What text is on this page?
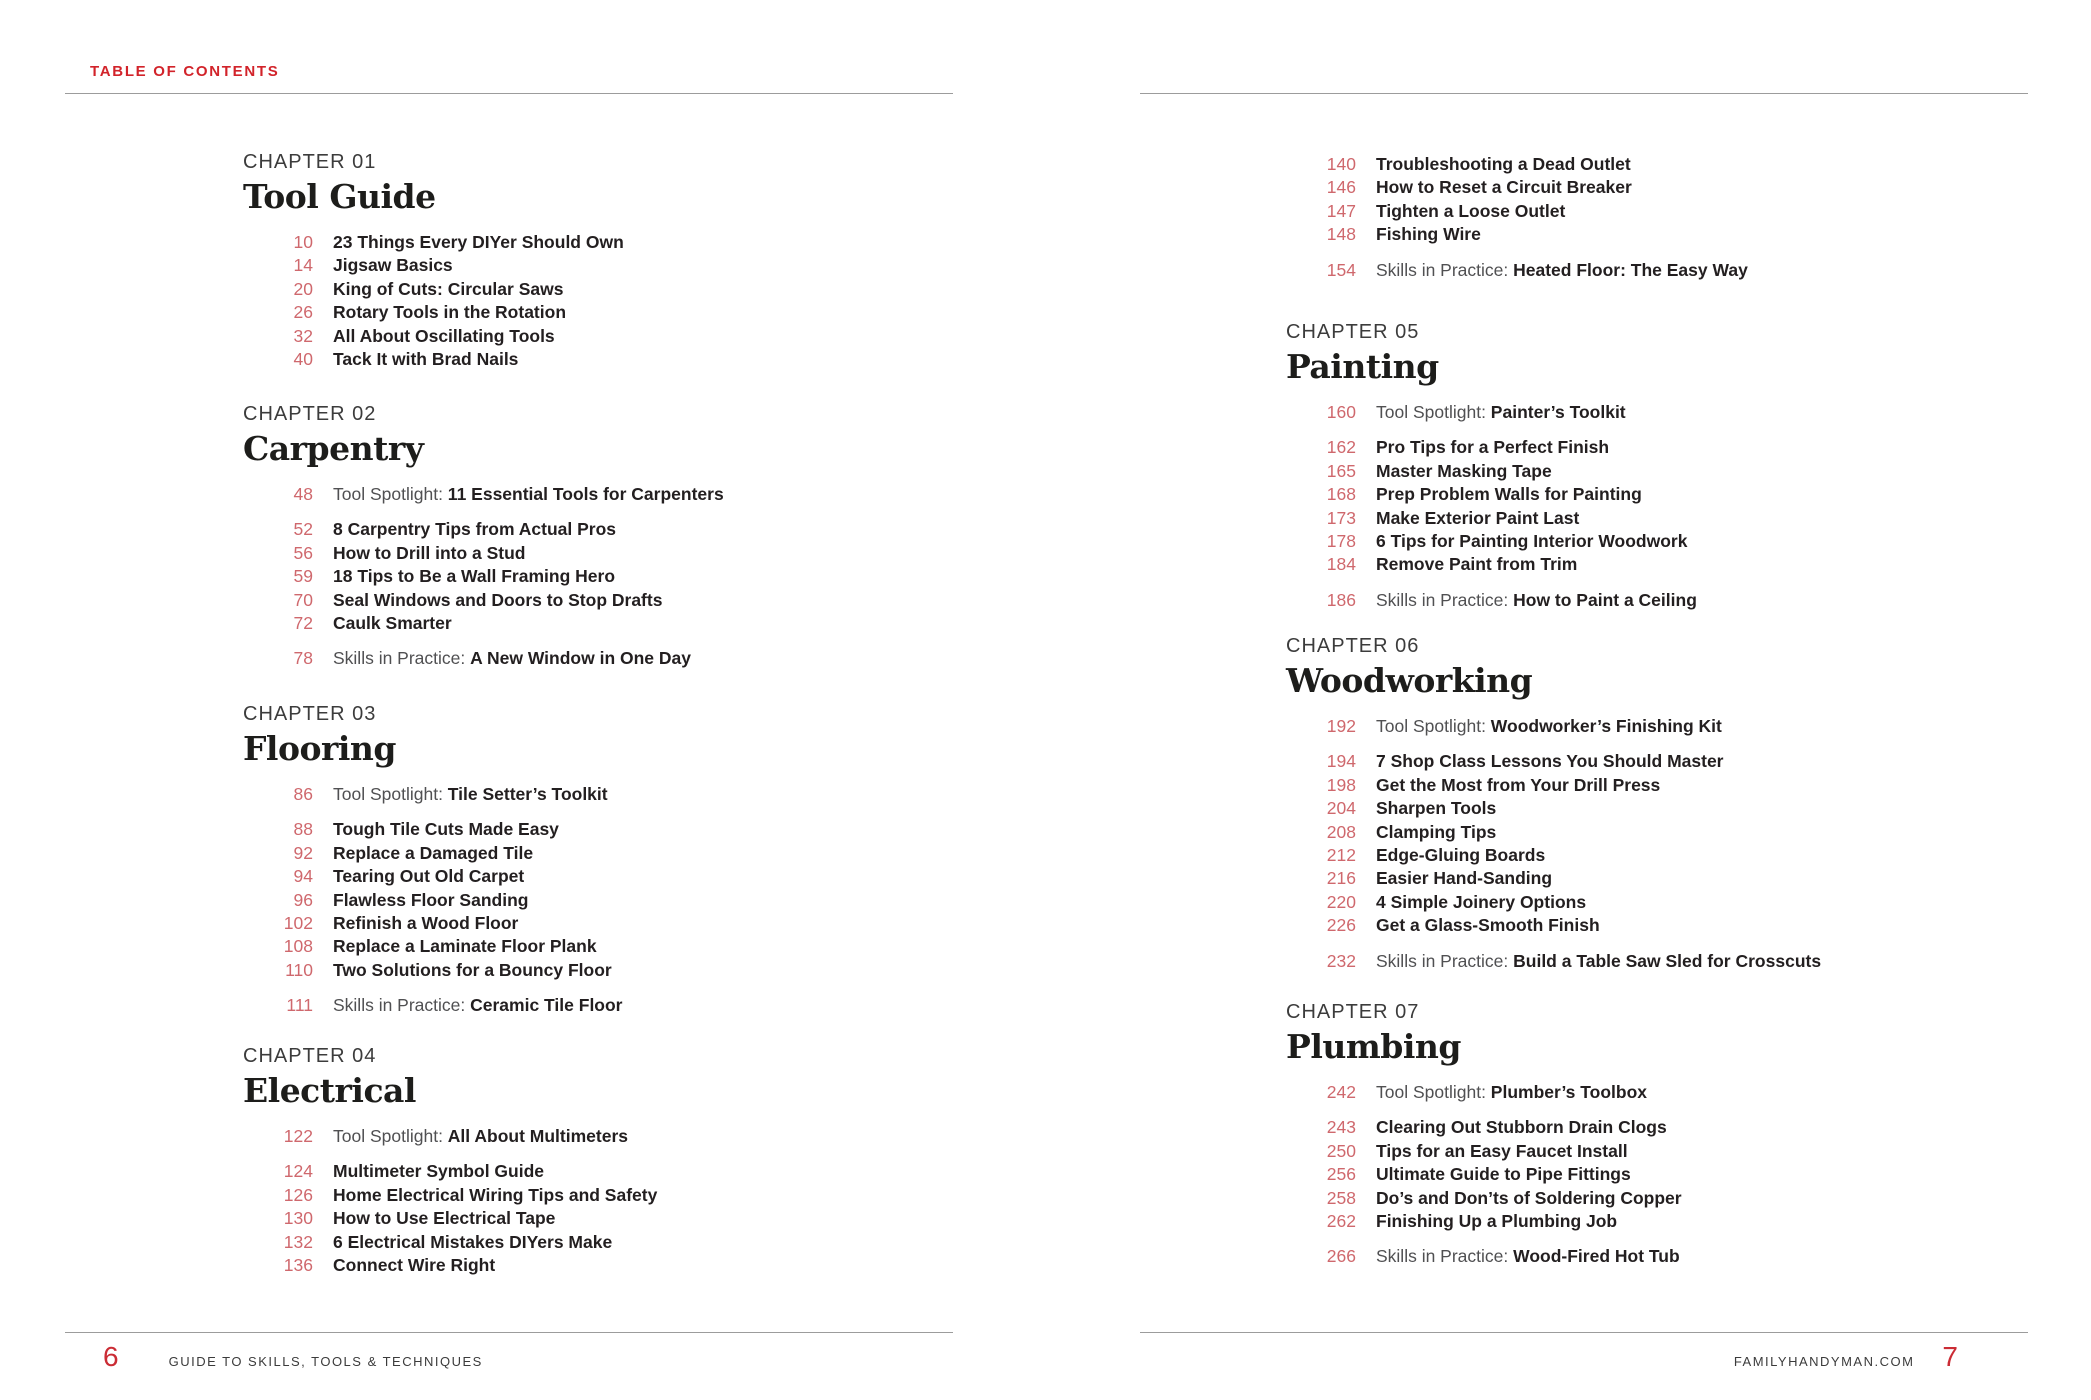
TABLE OF CONTENTS
6	GUIDE TO SKILLS, TOOLS & TECHNIQUES
CHAPTER 01
Tool Guide
10 23 Things Every DIYer Should Own
14 Jigsaw Basics
20 King of Cuts: Circular Saws
26 Rotary Tools in the Rotation
32 All About Oscillating Tools
40 Tack It with Brad Nails
CHAPTER 02
Carpentry
48 Tool Spotlight: 11 Essential Tools for Carpenters
52 8 Carpentry Tips from Actual Pros
56 How to Drill into a Stud
59 18 Tips to Be a Wall Framing Hero
70 Seal Windows and Doors to Stop Drafts
72 Caulk Smarter
78 Skills in Practice: A New Window in One Day
CHAPTER 03
Flooring
86 Tool Spotlight: Tile Setter’s Toolkit
88 Tough Tile Cuts Made Easy
92 Replace a Damaged Tile
94 Tearing Out Old Carpet
96 Flawless Floor Sanding
102 Refinish a Wood Floor
108 Replace a Laminate Floor Plank
110 Two Solutions for a Bouncy Floor
111 Skills in Practice: Ceramic Tile Floor
CHAPTER 04
Electrical
122 Tool Spotlight: All About Multimeters
124 Multimeter Symbol Guide
126 Home Electrical Wiring Tips and Safety
130 How to Use Electrical Tape
132 6 Electrical Mistakes DIYers Make
136 Connect Wire Right
FAMILYHANDYMAN.COM 7
140 Troubleshooting a Dead Outlet
146 How to Reset a Circuit Breaker
147 Tighten a Loose Outlet
148 Fishing Wire
154 Skills in Practice: Heated Floor: The Easy Way
CHAPTER 05
Painting
160 Tool Spotlight: Painter’s Toolkit
162 Pro Tips for a Perfect Finish
165 Master Masking Tape
168 Prep Problem Walls for Painting
173 Make Exterior Paint Last
178 6 Tips for Painting Interior Woodwork
184 Remove Paint from Trim
186 Skills in Practice: How to Paint a Ceiling
CHAPTER 06
Woodworking
192 Tool Spotlight: Woodworker’s Finishing Kit
194 7 Shop Class Lessons You Should Master
198 Get the Most from Your Drill Press
204 Sharpen Tools
208 Clamping Tips
212 Edge-Gluing Boards
216 Easier Hand-Sanding
220 4 Simple Joinery Options
226 Get a Glass-Smooth Finish
232 Skills in Practice: Build a Table Saw Sled for Crosscuts
CHAPTER 07
Plumbing
242 Tool Spotlight: Plumber’s Toolbox
243 Clearing Out Stubborn Drain Clogs
250 Tips for an Easy Faucet Install
256 Ultimate Guide to Pipe Fittings
258 Do’s and Don’ts of Soldering Copper
262 Finishing Up a Plumbing Job
266 Skills in Practice: Wood-Fired Hot Tub
